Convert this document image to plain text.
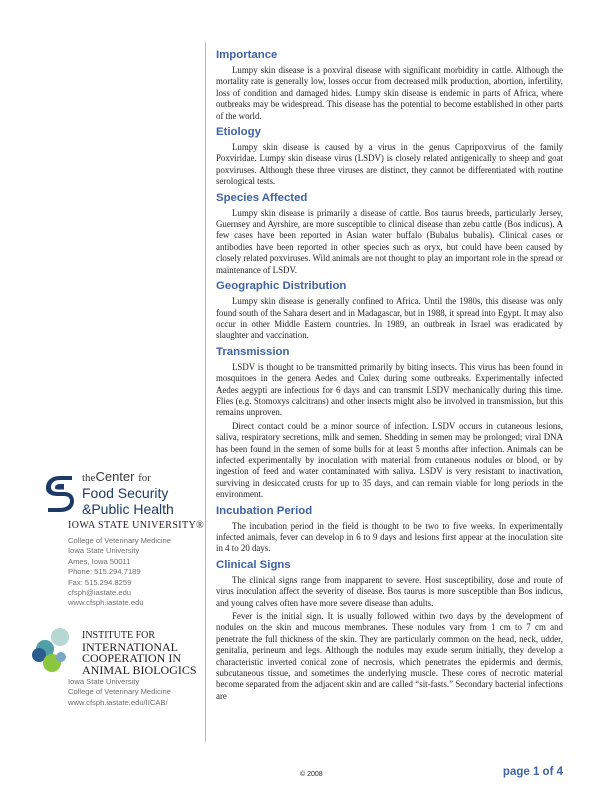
theCenter for
Food Security
&Public Health
IOWA STATE UNIVERSITY®
College of Veterinary Medicine
Iowa State University
Ames, Iowa 50011
Phone: 515.294.7189
Fax: 515.294.8259
cfsph@iastate.edu
www.cfsph.iastate.edu
INSTITUTE FOR
INTERNATIONAL
COOPERATION IN
ANIMAL BIOLOGICS
Iowa State University
College of Veterinary Medicine
www.cfsph.iastate.edu/IICAB/
Importance

Lumpy skin disease is a poxviral disease with significant morbidity in cattle. Although the mortality rate is generally low, losses occur from decreased milk production, abortion, infertility, loss of condition and damaged hides. Lumpy skin disease is endemic in parts of Africa, where outbreaks may be widespread. This disease has the potential to become established in other parts of the world.

Etiology

Lumpy skin disease is caused by a virus in the genus Capripoxvirus of the family Poxviridae. Lumpy skin disease virus (LSDV) is closely related antigenically to sheep and goat poxviruses. Although these three viruses are distinct, they cannot be differentiated with routine serological tests.

Species Affected

Lumpy skin disease is primarily a disease of cattle. Bos taurus breeds, particularly Jersey, Guernsey and Ayrshire, are more susceptible to clinical disease than zebu cattle (Bos indicus). A few cases have been reported in Asian water buffalo (Bubalus bubalis). Clinical cases or antibodies have been reported in other species such as oryx, but could have been caused by closely related poxviruses. Wild animals are not thought to play an important role in the spread or maintenance of LSDV.

Geographic Distribution

Lumpy skin disease is generally confined to Africa. Until the 1980s, this disease was only found south of the Sahara desert and in Madagascar, but in 1988, it spread into Egypt. It may also occur in other Middle Eastern countries. In 1989, an outbreak in Israel was eradicated by slaughter and vaccination.

Transmission

LSDV is thought to be transmitted primarily by biting insects. This virus has been found in mosquitoes in the genera Aedes and Culex during some outbreaks. Experimentally infected Aedes aegypti are infectious for 6 days and can transmit LSDV mechanically during this time. Flies (e.g. Stomoxys calcitrans) and other insects might also be involved in transmission, but this remains unproven.

Direct contact could be a minor source of infection. LSDV occurs in cutaneous lesions, saliva, respiratory secretions, milk and semen. Shedding in semen may be prolonged; viral DNA has been found in the semen of some bulls for at least 5 months after infection. Animals can be infected experimentally by inoculation with material from cutaneous nodules or blood, or by ingestion of feed and water contaminated with saliva. LSDV is very resistant to inactivation, surviving in desiccated crusts for up to 35 days, and can remain viable for long periods in the environment.

Incubation Period

The incubation period in the field is thought to be two to five weeks. In experimentally infected animals, fever can develop in 6 to 9 days and lesions first appear at the inoculation site in 4 to 20 days.

Clinical Signs

The clinical signs range from inapparent to severe. Host susceptibility, dose and route of virus inoculation affect the severity of disease. Bos taurus is more susceptible than Bos indicus, and young calves often have more severe disease than adults.

Fever is the initial sign. It is usually followed within two days by the development of nodules on the skin and mucous membranes. These nodules vary from 1 cm to 7 cm and penetrate the full thickness of the skin. They are particularly common on the head, neck, udder, genitalia, perineum and legs. Although the nodules may exude serum initially, they develop a characteristic inverted conical zone of necrosis, which penetrates the epidermis and dermis, subcutaneous tissue, and sometimes the underlying muscle. These cores of necrotic material become separated from the adjacent skin and are called “sit-fasts.” Secondary bacterial infections are

© 2008	page 1 of 4
